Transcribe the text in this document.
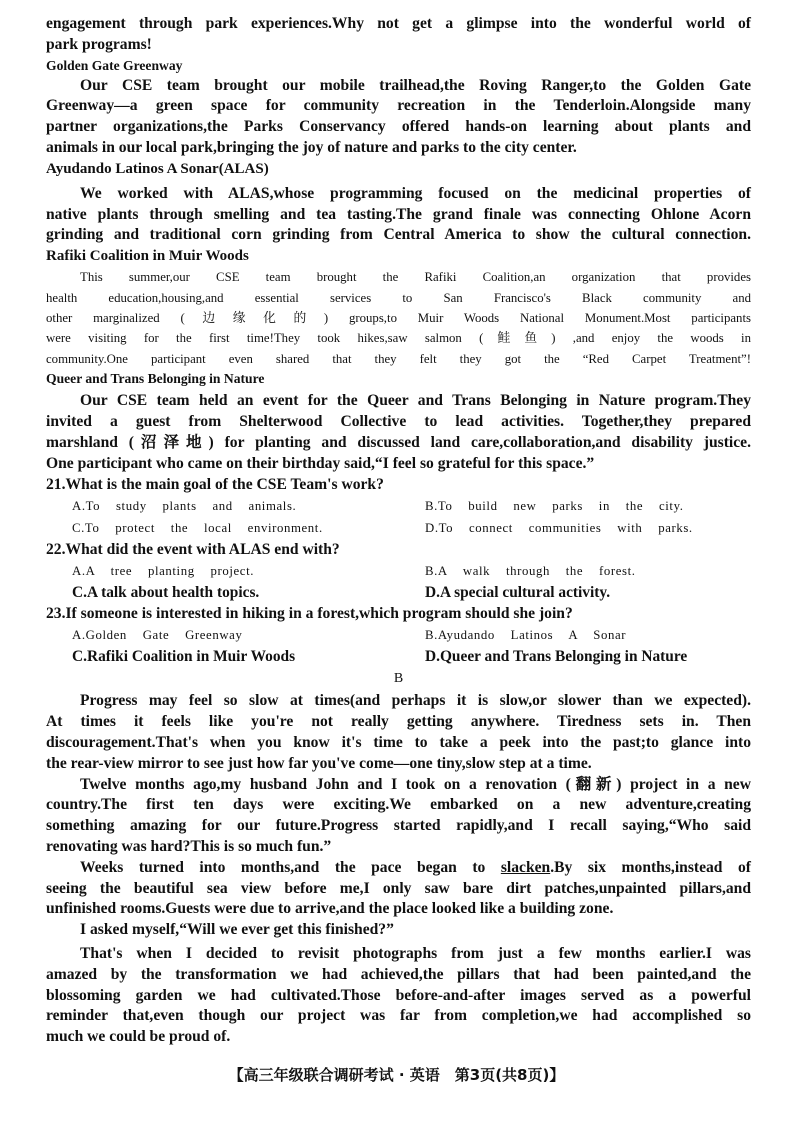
engagement through park experiences.Why not get a glimpse into the wonderful world of

park programs!

Golden Gate Greenway

Our CSE team brought our mobile trailhead,the Roving Ranger,to the Golden Gate

Greenway—a green space for community recreation in the Tenderloin.Alongside many

partner organizations,the Parks Conservancy offered hands-on learning about plants and

animals in our local park,bringing the joy of nature and parks to the city center.

Ayudando Latinos A Sonar(ALAS)

We worked with ALAS,whose programming focused on the medicinal properties of

native plants through smelling and tea tasting.The grand finale was connecting Ohlone Acorn

grinding and traditional corn grinding from Central America to show the cultural connection.

Rafiki Coalition in Muir Woods

This summer,our CSE team brought the Rafiki Coalition,an organization that provides

health education,housing,and essential services to San Francisco's Black community and

other marginalized (边缘化的) groups,to Muir Woods National Monument.Most participants

were visiting for the first time!They took hikes,saw salmon (鲑鱼) ,and enjoy the woods in

community.One participant even shared that they felt they got the “Red Carpet Treatment”!

Queer and Trans Belonging in Nature

Our CSE team held an event for the Queer and Trans Belonging in Nature program.They

invited a guest from Shelterwood Collective to lead activities. Together,they prepared

marshland (沼泽地) for planting and discussed land care,collaboration,and disability justice.

One participant who came on their birthday said,“I feel so grateful for this space.”

21.What is the main goal of the CSE Team's work?

A.To study plants and animals.	B.To build new parks in the city.
C.To protect the local environment.	D.To connect communities with parks.

22.What did the event with ALAS end with?

A.A tree planting project.	B.A walk through the forest.
C.A talk about health topics.	D.A special cultural activity.

23.If someone is interested in hiking in a forest,which program should she join?

A.Golden Gate Greenway	B.Ayudando Latinos A Sonar
C.Rafiki Coalition in Muir Woods	D.Queer and Trans Belonging in Nature

B

Progress may feel so slow at times(and perhaps it is slow,or slower than we expected).

At times it feels like you're not really getting anywhere. Tiredness sets in. Then

discouragement.That's when you know it's time to take a peek into the past;to glance into

the rear-view mirror to see just how far you've come—one tiny,slow step at a time.

Twelve months ago,my husband John and I took on a renovation (翻新) project in a new

country.The first ten days were exciting.We embarked on a new adventure,creating

something amazing for our future.Progress started rapidly,and I recall saying,“Who said

renovating was hard?This is so much fun.”

Weeks turned into months,and the pace began to slacken.By six months,instead of

seeing the beautiful sea view before me,I only saw bare dirt patches,unpainted pillars,and

unfinished rooms.Guests were due to arrive,and the place looked like a building zone.

I asked myself,“Will we ever get this finished?”

That's when I decided to revisit photographs from just a few months earlier.I was

amazed by the transformation we had achieved,the pillars that had been painted,and the

blossoming garden we had cultivated.Those before-and-after images served as a powerful

reminder that,even though our project was far from completion,we had accomplished so

much we could be proud of.

【高三年级联合调研考试 · 英语　第3页(共8页)】
